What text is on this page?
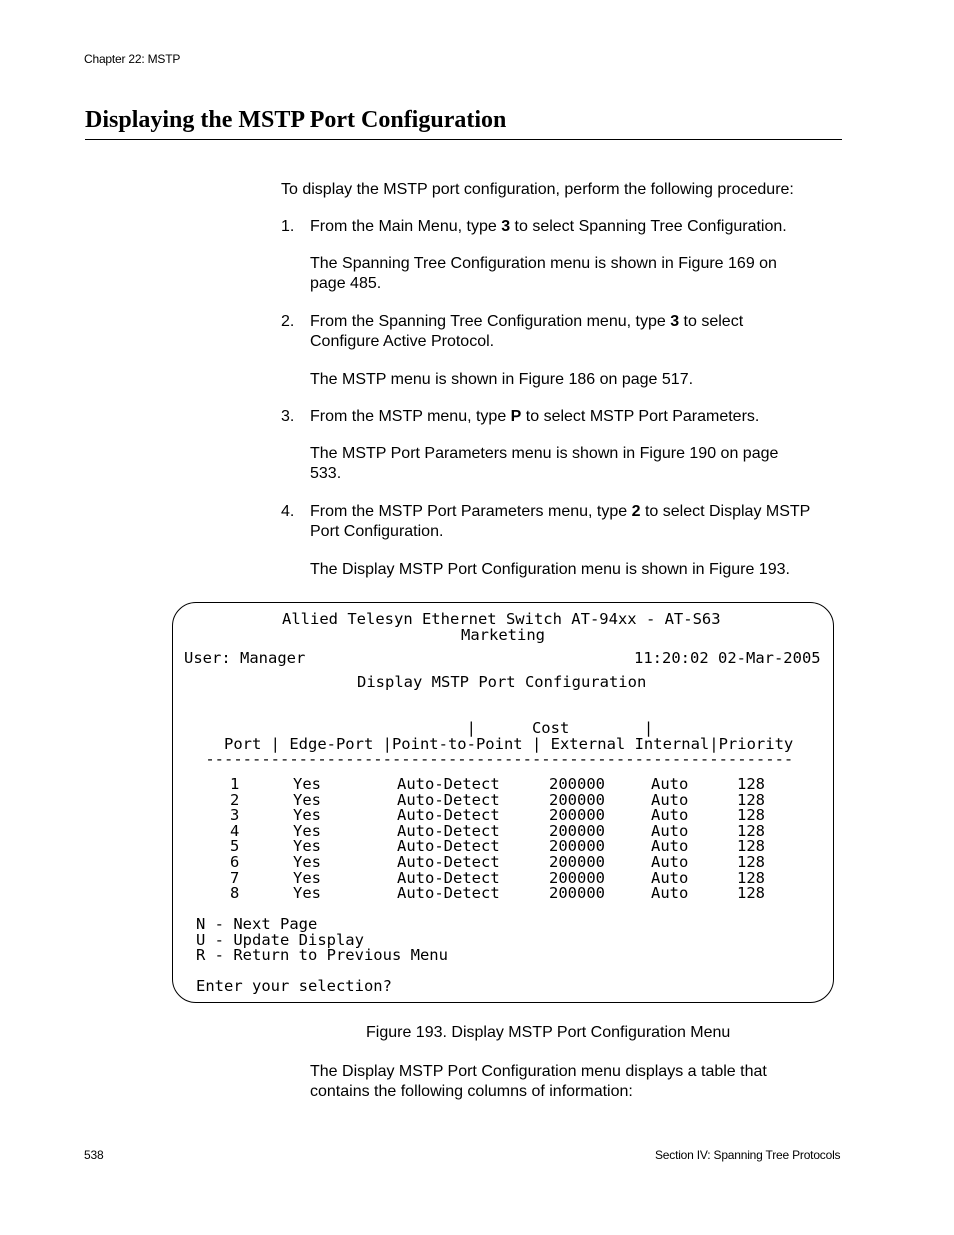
Chapter 22: MSTP
Displaying the MSTP Port Configuration
To display the MSTP port configuration, perform the following procedure:
1. From the Main Menu, type 3 to select Spanning Tree Configuration.
The Spanning Tree Configuration menu is shown in Figure 169 on
page 485.
2. From the Spanning Tree Configuration menu, type 3 to select
Configure Active Protocol.
The MSTP menu is shown in Figure 186 on page 517.
3. From the MSTP menu, type P to select MSTP Port Parameters.
The MSTP Port Parameters menu is shown in Figure 190 on page
533.
4. From the MSTP Port Parameters menu, type 2 to select Display MSTP
Port Configuration.
The Display MSTP Port Configuration menu is shown in Figure 193.
Allied Telesyn Ethernet Switch AT-94xx - AT-S63
Marketing
User: Manager	11:20:02 02-Mar-2005
Display MSTP Port Configuration
|      Cost        |
Port | Edge-Port |Point-to-Point | External Internal|Priority
---------------------------------------------------------------
1	Yes	Auto-Detect	200000	Auto	128
2	Yes	Auto-Detect	200000	Auto	128
3	Yes	Auto-Detect	200000	Auto	128
4	Yes	Auto-Detect	200000	Auto	128
5	Yes	Auto-Detect	200000	Auto	128
6	Yes	Auto-Detect	200000	Auto	128
7	Yes	Auto-Detect	200000	Auto	128
8	Yes	Auto-Detect	200000	Auto	128
N - Next Page
U - Update Display
R - Return to Previous Menu
Enter your selection?
Figure 193. Display MSTP Port Configuration Menu
The Display MSTP Port Configuration menu displays a table that
contains the following columns of information:
538	Section IV: Spanning Tree Protocols
